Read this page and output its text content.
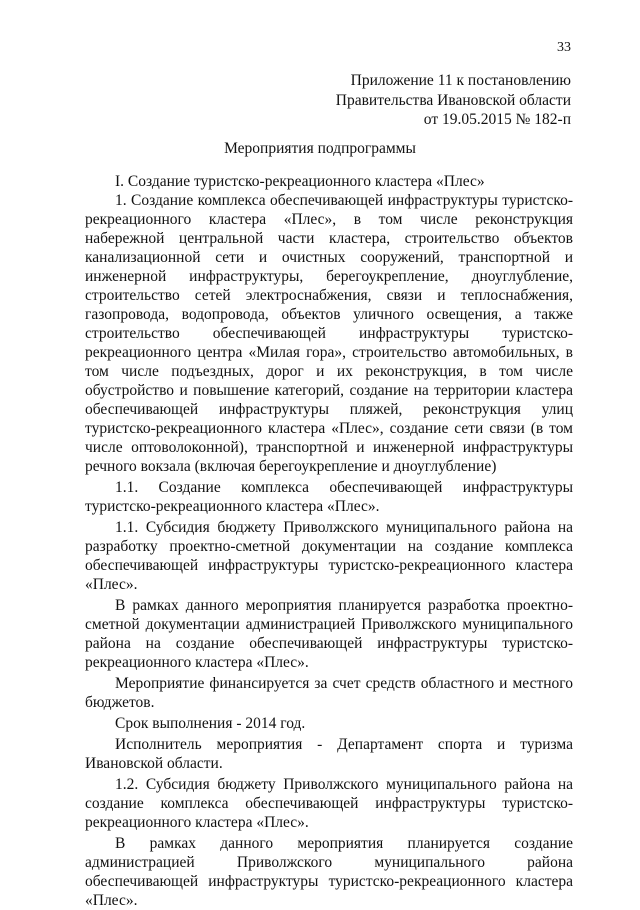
33
Приложение 11 к постановлению
Правительства Ивановской области
от 19.05.2015 № 182-п
Мероприятия подпрограммы

I. Создание туристско-рекреационного кластера «Плес»

1. Создание комплекса обеспечивающей инфраструктуры туристско-рекреационного кластера «Плес», в том числе реконструкция набережной центральной части кластера, строительство объектов канализационной сети и очистных сооружений, транспортной и инженерной инфраструктуры, берегоукрепление, дноуглубление, строительство сетей электроснабжения, связи и теплоснабжения, газопровода, водопровода, объектов уличного освещения, а также строительство обеспечивающей инфраструктуры туристско-рекреационного центра «Милая гора», строительство автомобильных, в том числе подъездных, дорог и их реконструкция, в том числе обустройство и повышение категорий, создание на территории кластера обеспечивающей инфраструктуры пляжей, реконструкция улиц туристско-рекреационного кластера «Плес», создание сети связи (в том числе оптоволоконной), транспортной и инженерной инфраструктуры речного вокзала (включая берегоукрепление и дноуглубление)

1.1. Создание комплекса обеспечивающей инфраструктуры туристско-рекреационного кластера «Плес».

1.1. Субсидия бюджету Приволжского муниципального района на разработку проектно-сметной документации на создание комплекса обеспечивающей инфраструктуры туристско-рекреационного кластера «Плес».

В рамках данного мероприятия планируется разработка проектно-сметной документации администрацией Приволжского муниципального района на создание обеспечивающей инфраструктуры туристско-рекреационного кластера «Плес».

Мероприятие финансируется за счет средств областного и местного бюджетов.

Срок выполнения - 2014 год.

Исполнитель мероприятия - Департамент спорта и туризма Ивановской области.

1.2. Субсидия бюджету Приволжского муниципального района на создание комплекса обеспечивающей инфраструктуры туристско-рекреационного кластера «Плес».

В рамках данного мероприятия планируется создание администрацией Приволжского муниципального района обеспечивающей инфраструктуры туристско-рекреационного кластера «Плес».
